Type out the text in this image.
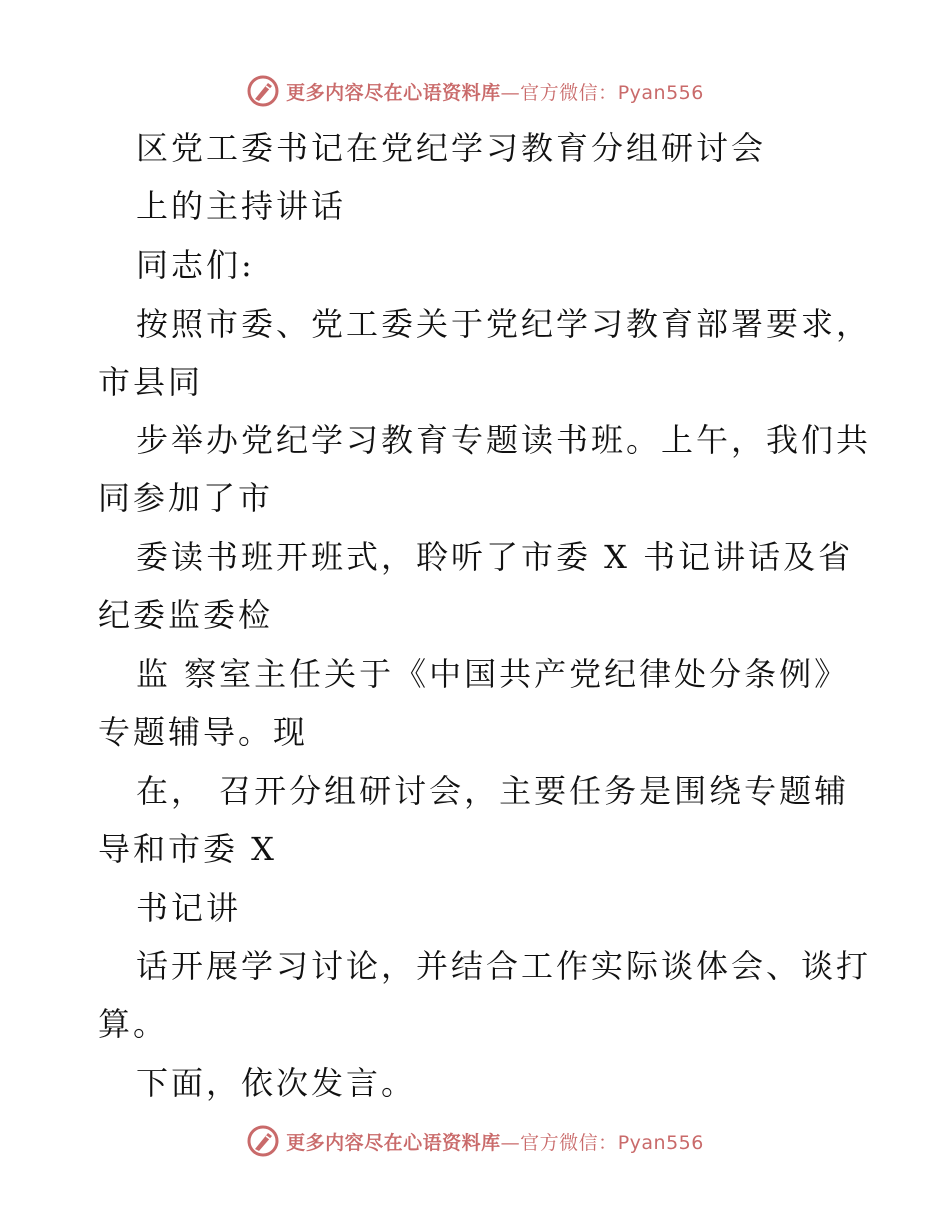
更多内容尽在心语资料库—官方微信：Pyan556
区党工委书记在党纪学习教育分组研讨会
上的主持讲话
同志们:
按照市委、党工委关于党纪学习教育部署要求，
市县同
步举办党纪学习教育专题读书班。上午，我们共
同参加了市
委读书班开班式，聆听了市委 X 书记讲话及省
纪委监委检
监 察室主任关于《中国共产党纪律处分条例》
专题辅导。现
在， 召开分组研讨会，主要任务是围绕专题辅
导和市委 X
书记讲
话开展学习讨论，并结合工作实际谈体会、谈打
算。
下面，依次发言。
更多内容尽在心语资料库—官方微信：Pyan556
